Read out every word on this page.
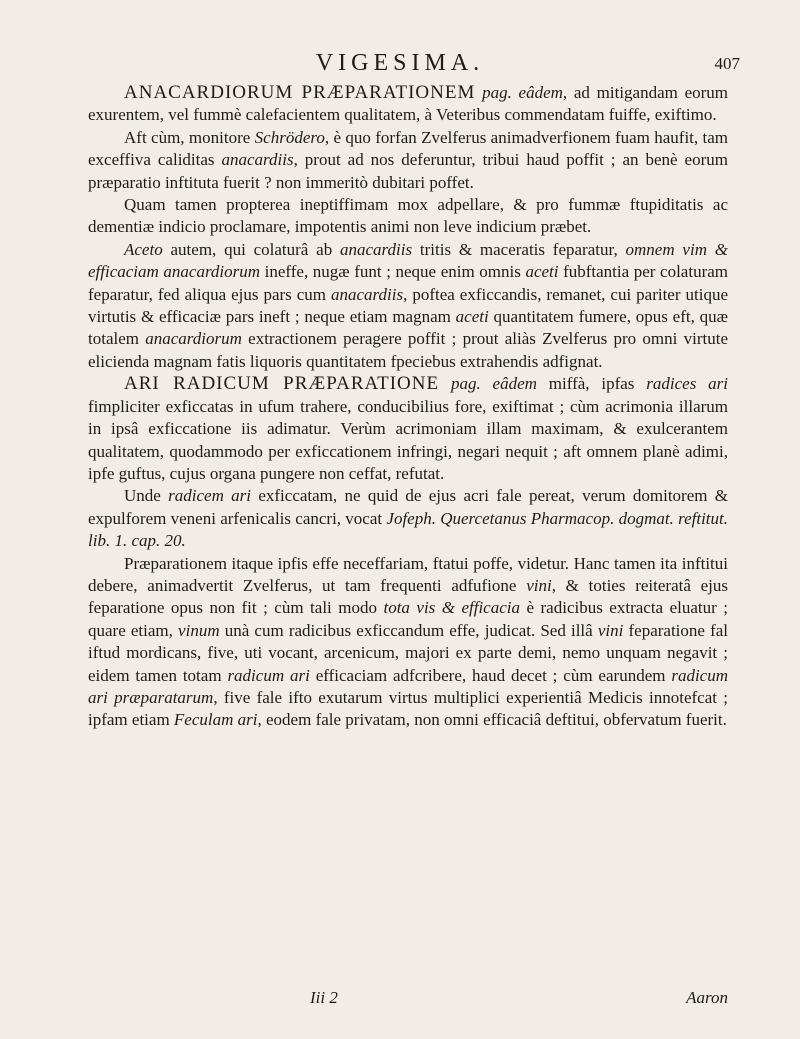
VIGESIMA.	407

ANACARDIORUM PRÆPARATIONEM pag. eâdem, ad mitigandam eorum exurentem, vel fummè calefacientem qualitatem, à Veteribus commendatam fuiffe, exiftimo.

Aft cùm, monitore Schrödero, è quo forfan Zvelferus animadverfionem fuam haufit, tam exceffiva caliditas anacardiis, prout ad nos deferuntur, tribui haud poffit ; an benè eorum præparatio inftituta fuerit ? non immeritò dubitari poffet.

Quam tamen propterea ineptiffimam mox adpellare, & pro fummæ ftupiditatis ac dementiæ indicio proclamare, impotentis animi non leve indicium præbet.

Aceto autem, qui colaturâ ab anacardiis tritis & maceratis feparatur, omnem vim & efficaciam anacardiorum ineffe, nugæ funt ; neque enim omnis aceti fubftantia per colaturam feparatur, fed aliqua ejus pars cum anacardiis, poftea exficcandis, remanet, cui pariter utique virtutis & efficaciæ pars ineft ; neque etiam magnam aceti quantitatem fumere, opus eft, quæ totalem anacardiorum extractionem peragere poffit ; prout aliàs Zvelferus pro omni virtute elicienda magnam fatis liquoris quantitatem fpeciebus extrahendis adfignat.

ARI RADICUM PRÆPARATIONE pag. eâdem miffà, ipfas radices ari fimpliciter exficcatas in ufum trahere, conducibilius fore, exiftimat ; cùm acrimonia illarum in ipsâ exficcatione iis adimatur. Verùm acrimoniam illam maximam, & exulcerantem qualitatem, quodammodo per exficcationem infringi, negari nequit ; aft omnem planè adimi, ipfe guftus, cujus organa pungere non ceffat, refutat.

Unde radicem ari exficcatam, ne quid de ejus acri fale pereat, verum domitorem & expulforem veneni arfenicalis cancri, vocat Jofeph. Quercetanus Pharmacop. dogmat. reftitut. lib. 1. cap. 20.

Præparationem itaque ipfis effe neceffariam, ftatui poffe, videtur. Hanc tamen ita inftitui debere, animadvertit Zvelferus, ut tam frequenti adfufione vini, & toties reiteratâ ejus feparatione opus non fit ; cùm tali modo tota vis & efficacia è radicibus extracta eluatur ; quare etiam, vinum unà cum radicibus exficcandum effe, judicat. Sed illâ vini feparatione fal iftud mordicans, five, uti vocant, arcenicum, majori ex parte demi, nemo unquam negavit ; eidem tamen totam radicum ari efficaciam adfcribere, haud decet ; cùm earundem radicum ari præparatarum, five fale ifto exutarum virtus multiplici experientiâ Medicis innotefcat ; ipfam etiam Feculam ari, eodem fale privatam, non omni efficaciâ deftitui, obfervatum fuerit.

Iii 2	Aaron
